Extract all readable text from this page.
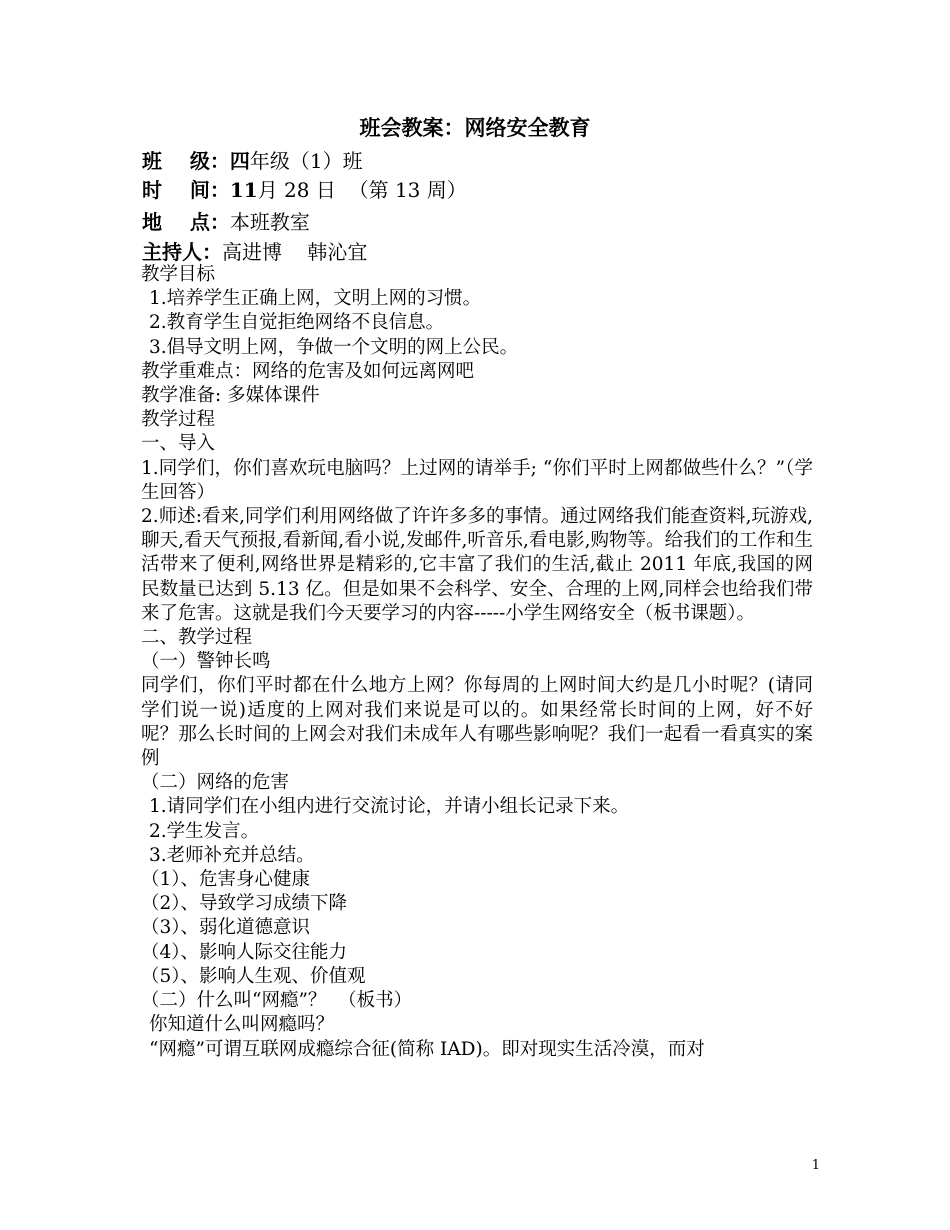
班会教案：网络安全教育
班    级：四年级（1）班
时    间：11月 28 日  （第 13 周）
地    点：本班教室
主持人：高进博    韩沁宜

教学目标

1.培养学生正确上网，文明上网的习惯。

2.教育学生自觉拒绝网络不良信息。

3.倡导文明上网，争做一个文明的网上公民。

教学重难点：网络的危害及如何远离网吧

教学准备: 多媒体课件

教学过程

一、导入

1.同学们，你们喜欢玩电脑吗？上过网的请举手; “你们平时上网都做些什么？”（学生回答）

2.师述:看来,同学们利用网络做了许许多多的事情。通过网络我们能查资料,玩游戏,聊天,看天气预报,看新闻,看小说,发邮件,听音乐,看电影,购物等。给我们的工作和生活带来了便利,网络世界是精彩的,它丰富了我们的生活,截止 2011 年底,我国的网民数量已达到 5.13 亿。但是如果不会科学、安全、合理的上网,同样会也给我们带来了危害。这就是我们今天要学习的内容-----小学生网络安全（板书课题）。

二、教学过程

（一）警钟长鸣

同学们，你们平时都在什么地方上网？你每周的上网时间大约是几小时呢？(请同学们说一说)适度的上网对我们来说是可以的。如果经常长时间的上网，好不好呢？那么长时间的上网会对我们未成年人有哪些影响呢？我们一起看一看真实的案例

（二）网络的危害

1.请同学们在小组内进行交流讨论，并请小组长记录下来。

2.学生发言。

3.老师补充并总结。

（1）、危害身心健康

（2）、导致学习成绩下降

（3）、弱化道德意识

（4）、影响人际交往能力

（5）、影响人生观、价值观

（二）什么叫“网瘾”？  （板书）

你知道什么叫网瘾吗？

“网瘾”可谓互联网成瘾综合征(简称 IAD)。即对现实生活冷漠，而对

1
